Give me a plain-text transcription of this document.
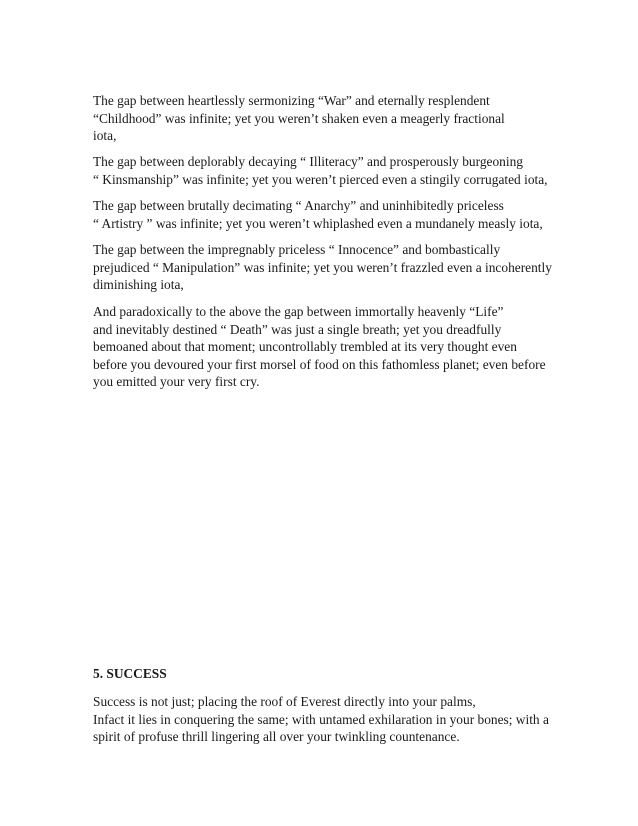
The gap between heartlessly sermonizing “War” and eternally resplendent
“Childhood” was infinite; yet you weren’t shaken even a meagerly fractional
iota,

The gap between deplorably decaying “ Illiteracy” and prosperously burgeoning
“ Kinsmanship” was infinite; yet you weren’t pierced even a stingily corrugated iota,

The gap between brutally decimating “ Anarchy” and uninhibitedly priceless
“ Artistry ” was infinite; yet you weren’t whiplashed even a mundanely measly iota,

The gap between the impregnably priceless “ Innocence” and bombastically
prejudiced “ Manipulation” was infinite; yet you weren’t frazzled even a incoherently
diminishing iota,

And paradoxically to the above the gap between immortally heavenly “Life”
and inevitably destined “ Death” was just a single breath; yet you dreadfully
bemoaned about that moment; uncontrollably trembled at its very thought even
before you devoured your first morsel of food on this fathomless planet; even before
you emitted your very first cry.

5. SUCCESS

Success is not just; placing the roof of Everest directly into your palms,
Infact it lies in conquering the same; with untamed exhilaration in your bones; with a
spirit of profuse thrill lingering all over your twinkling countenance.
